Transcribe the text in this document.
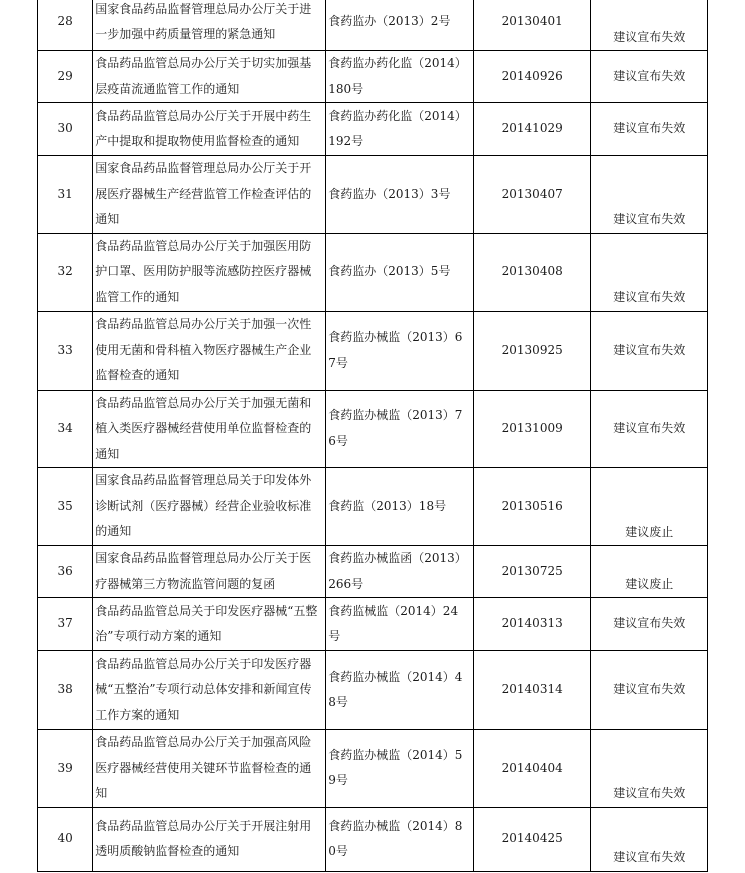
28	国家食品药品监督管理总局办公厅关于进一步加强中药质量管理的紧急通知	食药监办（2013）2号	20130401	建议宣布失效
29	食品药品监管总局办公厅关于切实加强基层疫苗流通监管工作的通知	食药监办药化监（2014）180号	20140926	建议宣布失效
30	食品药品监管总局办公厅关于开展中药生产中提取和提取物使用监督检查的通知	食药监办药化监（2014）192号	20141029	建议宣布失效
31	国家食品药品监督管理总局办公厅关于开展医疗器械生产经营监管工作检查评估的通知	食药监办（2013）3号	20130407	建议宣布失效
32	食品药品监管总局办公厅关于加强医用防护口罩、医用防护服等流感防控医疗器械监管工作的通知	食药监办（2013）5号	20130408	建议宣布失效
33	食品药品监管总局办公厅关于加强一次性使用无菌和骨科植入物医疗器械生产企业监督检查的通知	食药监办械监（2013）67号	20130925	建议宣布失效
34	食品药品监管总局办公厅关于加强无菌和植入类医疗器械经营使用单位监督检查的通知	食药监办械监（2013）76号	20131009	建议宣布失效
35	国家食品药品监督管理总局关于印发体外诊断试剂（医疗器械）经营企业验收标准的通知	食药监（2013）18号	20130516	建议废止
36	国家食品药品监督管理总局办公厅关于医疗器械第三方物流监管问题的复函	食药监办械监函（2013）266号	20130725	建议废止
37	食品药品监管总局关于印发医疗器械“五整治”专项行动方案的通知	食药监械监（2014）24号	20140313	建议宣布失效
38	食品药品监管总局办公厅关于印发医疗器械“五整治”专项行动总体安排和新闻宣传工作方案的通知	食药监办械监（2014）48号	20140314	建议宣布失效
39	食品药品监管总局办公厅关于加强高风险医疗器械经营使用关键环节监督检查的通知	食药监办械监（2014）59号	20140404	建议宣布失效
40	食品药品监管总局办公厅关于开展注射用透明质酸钠监督检查的通知	食药监办械监（2014）80号	20140425	建议宣布失效
